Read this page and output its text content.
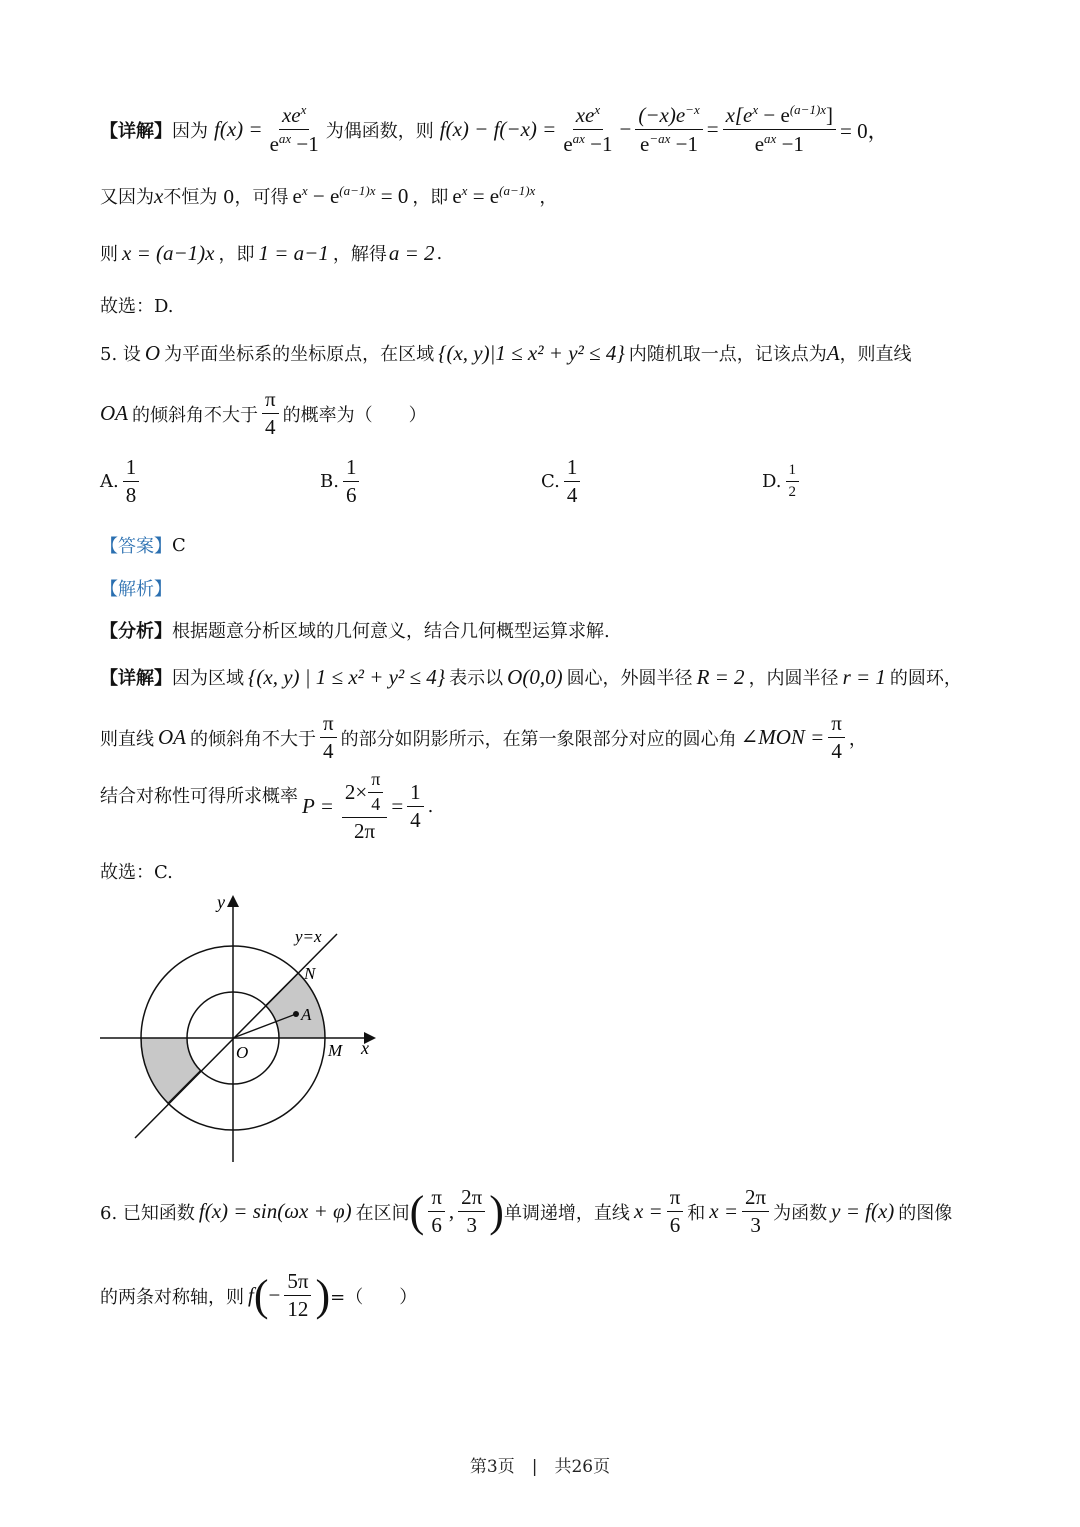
【详解】 因为 $f(x) = \frac{xe^x}{e^{ax} -1}$ 为偶函数，则 $f(x) - f(-x) = \frac{xe^x}{e^{ax} -1} - \frac{(-x)e^{-x}}{e^{-ax} -1} = \frac{x[e^x - e^{(a-1)x}]}{e^{ax} -1} = 0$，
又因为 x 不恒为 0，可得 $e^x - e^{(a-1)x} = 0$ ，即 $e^x = e^{(a-1)x}$ ，
则 x = (a−1)x ，即 1 = a−1 ，解得 a = 2 .
故选：D.
5. 设 O 为平面坐标系的坐标原点，在区域 {(x, y)|1 ≤ x² + y² ≤ 4} 内随机取一点，记该点为 A ，则直线
OA 的倾斜角不大于 $\frac{\pi}{4}$ 的概率为（　　）
A. $\frac{1}{8}$	B. $\frac{1}{6}$	C. $\frac{1}{4}$	D. $\frac{1}{2}$
【答案】 C
【解析】
【分析】 根据题意分析区域的几何意义，结合几何概型运算求解.
【详解】 因为区域 {(x, y) | 1 ≤ x² + y² ≤ 4} 表示以 O(0,0) 圆心，外圆半径 R = 2 ，内圆半径 r = 1 的圆环，
则直线 OA 的倾斜角不大于 $\frac{\pi}{4}$ 的部分如阴影所示，在第一象限部分对应的圆心角 ∠MON = $\frac{\pi}{4}$ ，
结合对称性可得所求概率 $P = \frac{2\times \frac{\pi}{4}}{2\pi} = \frac{1}{4}$ .
故选：C.
y
y=x
N
A
O	M x
6. 已知函数 f(x) = sin(ωx + φ) 在区间 ( $\frac{\pi}{6}$ , $\frac{2\pi}{3}$ ) 单调递增，直线 $x = \frac{\pi}{6}$ 和 $x = \frac{2\pi}{3}$ 为函数 y = f(x) 的图像
的两条对称轴，则 f ( − $\frac{5\pi}{12}$ ) =（　　）
第3页　|　共26页
